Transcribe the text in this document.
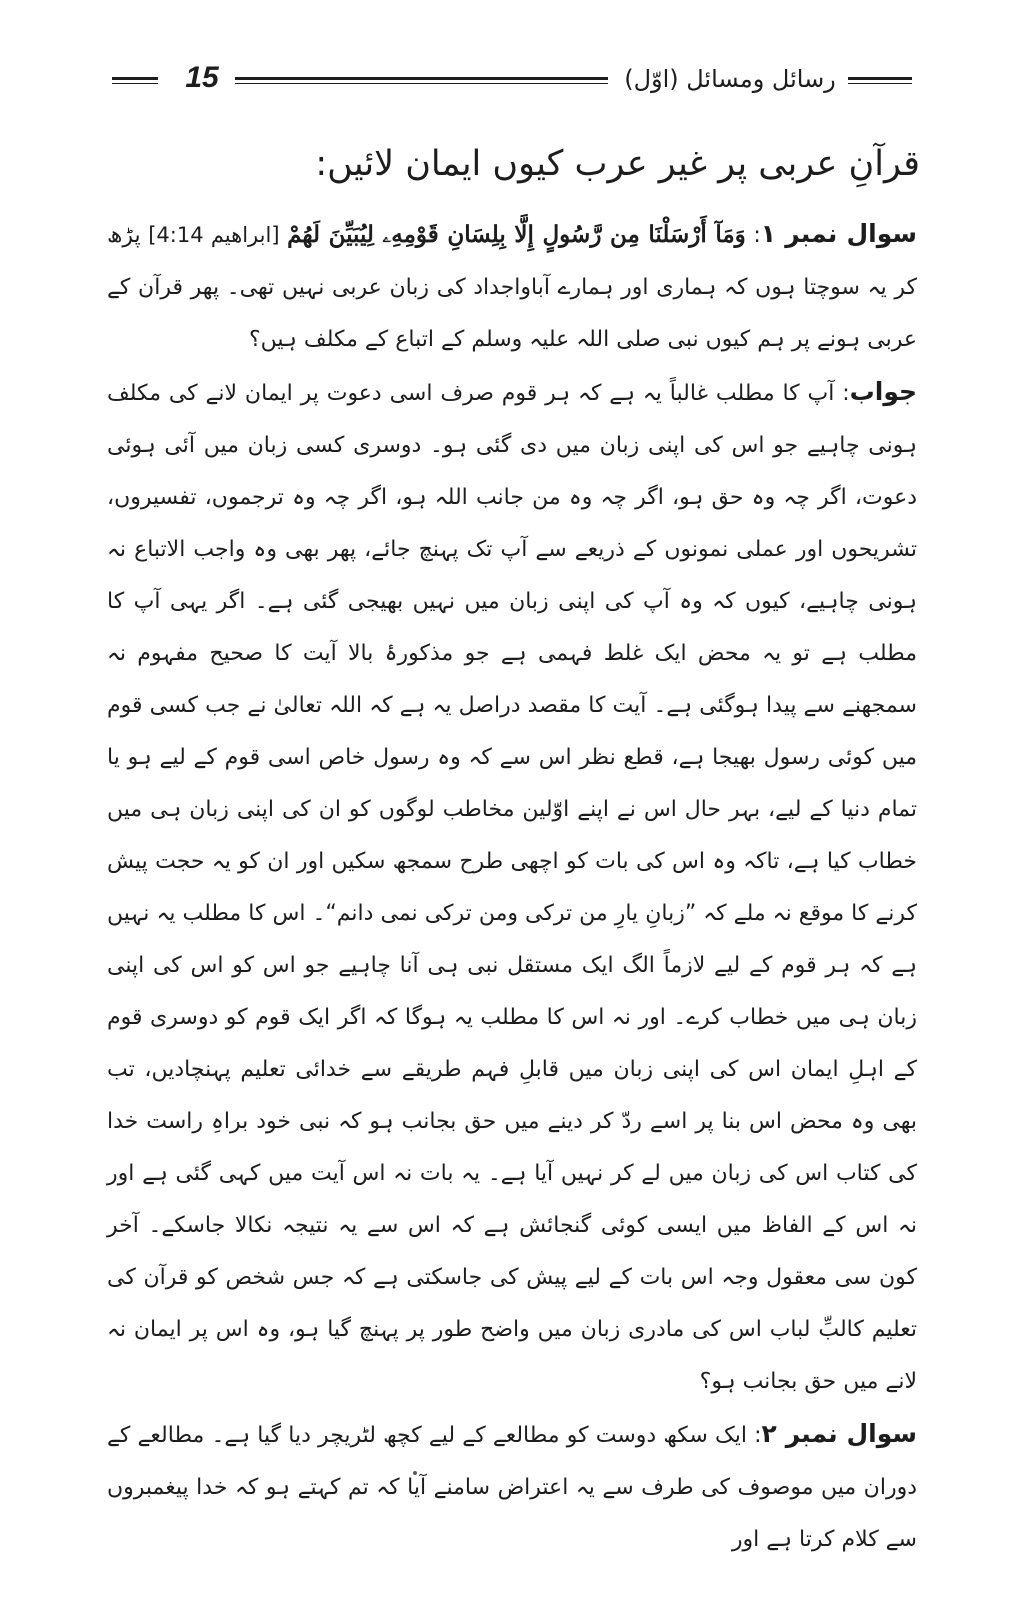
15	رسائل ومسائل (اوّل)
قرآنِ عربی پر غیر عرب کیوں ایمان لائیں:

سوال نمبر ۱: وَمَآ أَرْسَلْنَا مِن رَّسُولٍ إِلَّا بِلِسَانِ قَوْمِهِۦ لِيُبَيِّنَ لَهُمْ [ابراهيم 4:14] پڑھ کر یہ سوچتا ہوں کہ ہماری اور ہمارے آباواجداد کی زبان عربی نہیں تھی۔ پھر قرآن کے عربی ہونے پر ہم کیوں نبی صلی اللہ علیہ وسلم کے اتباع کے مکلف ہیں؟

جواب: آپ کا مطلب غالباً یہ ہے کہ ہر قوم صرف اسی دعوت پر ایمان لانے کی مکلف ہونی چاہیے جو اس کی اپنی زبان میں دی گئی ہو۔ دوسری کسی زبان میں آئی ہوئی دعوت، اگر چہ وہ حق ہو، اگر چہ وہ من جانب اللہ ہو، اگر چہ وہ ترجموں، تفسیروں، تشریحوں اور عملی نمونوں کے ذریعے سے آپ تک پہنچ جائے، پھر بھی وہ واجب الاتباع نہ ہونی چاہیے، کیوں کہ وہ آپ کی اپنی زبان میں نہیں بھیجی گئی ہے۔ اگر یہی آپ کا مطلب ہے تو یہ محض ایک غلط فہمی ہے جو مذکورۂ بالا آیت کا صحیح مفہوم نہ سمجھنے سے پیدا ہوگئی ہے۔ آیت کا مقصد دراصل یہ ہے کہ اللہ تعالیٰ نے جب کسی قوم میں کوئی رسول بھیجا ہے، قطع نظر اس سے کہ وہ رسول خاص اسی قوم کے لیے ہو یا تمام دنیا کے لیے، بہر حال اس نے اپنے اوّلین مخاطب لوگوں کو ان کی اپنی زبان ہی میں خطاب کیا ہے، تاکہ وہ اس کی بات کو اچھی طرح سمجھ سکیں اور ان کو یہ حجت پیش کرنے کا موقع نہ ملے کہ ”زبانِ یارِ من ترکی ومن ترکی نمی دانم“۔ اس کا مطلب یہ نہیں ہے کہ ہر قوم کے لیے لازماً الگ ایک مستقل نبی ہی آنا چاہیے جو اس کو اس کی اپنی زبان ہی میں خطاب کرے۔ اور نہ اس کا مطلب یہ ہوگا کہ اگر ایک قوم کو دوسری قوم کے اہلِ ایمان اس کی اپنی زبان میں قابلِ فہم طریقے سے خدائی تعلیم پہنچادیں، تب بھی وہ محض اس بنا پر اسے ردّ کر دینے میں حق بجانب ہو کہ نبی خود براہِ راست خدا کی کتاب اس کی زبان میں لے کر نہیں آیا ہے۔ یہ بات نہ اس آیت میں کہی گئی ہے اور نہ اس کے الفاظ میں ایسی کوئی گنجائش ہے کہ اس سے یہ نتیجہ نکالا جاسکے۔ آخر کون سی معقول وجہ اس بات کے لیے پیش کی جاسکتی ہے کہ جس شخص کو قرآن کی تعلیم کالبِّ لباب اس کی مادری زبان میں واضح طور پر پہنچ گیا ہو، وہ اس پر ایمان نہ لانے میں حق بجانب ہو؟

سوال نمبر ۲: ایک سکھ دوست کو مطالعے کے لیے کچھ لٹریچر دیا گیا ہے۔ مطالعے کے دوران میں موصوف کی طرف سے یہ اعتراض سامنے آیا کہ تم کہتے ہو کہ خدا پیغمبروں سے کلام کرتا ہے اور
